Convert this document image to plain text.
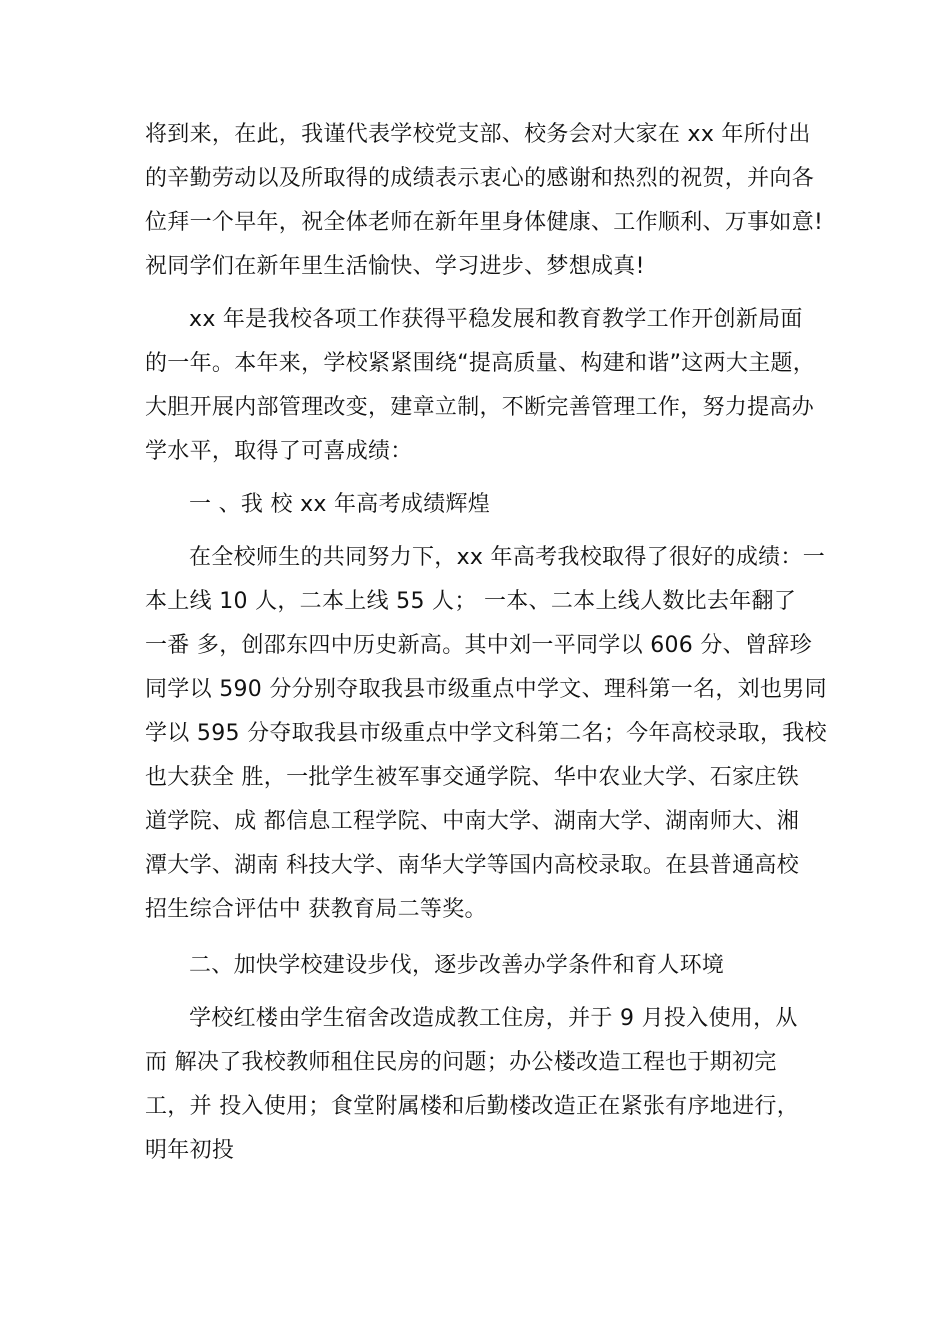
将到来，在此，我谨代表学校党支部、校务会对大家在 xx 年所付出
的辛勤劳动以及所取得的成绩表示衷心的感谢和热烈的祝贺，并向各
位拜一个早年，祝全体老师在新年里身体健康、工作顺利、万事如意!
祝同学们在新年里生活愉快、学习进步、梦想成真!

xx 年是我校各项工作获得平稳发展和教育教学工作开创新局面
的一年。本年来，学校紧紧围绕“提高质量、构建和谐”这两大主题，
大胆开展内部管理改变，建章立制，不断完善管理工作，努力提高办
学水平，取得了可喜成绩：

一 、我 校 xx 年高考成绩辉煌

在全校师生的共同努力下，xx 年高考我校取得了很好的成绩：一
本上线 10 人，二本上线 55 人； 一本、二本上线人数比去年翻了
一番 多，创邵东四中历史新高。其中刘一平同学以 606 分、曾辞珍
同学以 590 分分别夺取我县市级重点中学文、理科第一名，刘也男同
学以 595 分夺取我县市级重点中学文科第二名；今年高校录取，我校
也大获全 胜，一批学生被军事交通学院、华中农业大学、石家庄铁
道学院、成 都信息工程学院、中南大学、湖南大学、湖南师大、湘
潭大学、湖南 科技大学、南华大学等国内高校录取。在县普通高校
招生综合评估中 获教育局二等奖。

二、加快学校建设步伐，逐步改善办学条件和育人环境

学校红楼由学生宿舍改造成教工住房，并于 9 月投入使用，从
而 解决了我校教师租住民房的问题；办公楼改造工程也于期初完
工，并 投入使用；食堂附属楼和后勤楼改造正在紧张有序地进行，
明年初投
